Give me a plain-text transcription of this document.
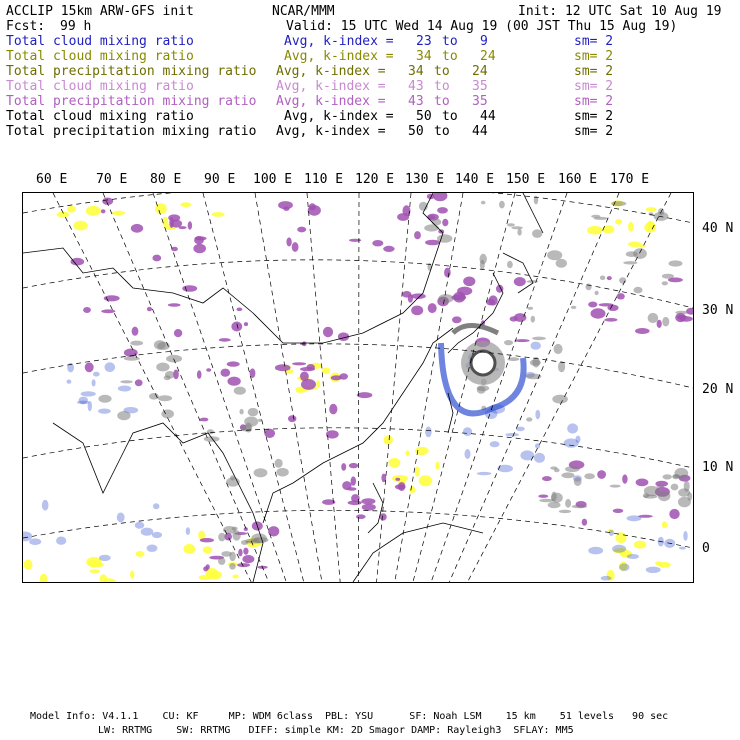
ACCLIP 15km ARW-GFS init	NCAR/MMM	Init: 12 UTC Sat 10 Aug 19
Fcst: 99 h	Valid: 15 UTC Wed 14 Aug 19 (00 JST Thu 15 Aug 19)
Total cloud mixing ratio	Avg, k-index = 23 to 9	sm= 2
Total cloud mixing ratio	Avg, k-index = 34 to 24	sm= 2
Total precipitation mixing ratio Avg, k-index = 34 to 24	sm= 2
Total cloud mixing ratio	Avg, k-index = 43 to 35	sm= 2
Total precipitation mixing ratio Avg, k-index = 43 to 35	sm= 2
Total cloud mixing ratio	Avg, k-index = 50 to 44	sm= 2
Total precipitation mixing ratio Avg, k-index = 50 to 44	sm= 2
60 E 70 E 80 E 90 E 100 E 110 E 120 E 130 E 140 E 150 E 160 E 170 E
40 N
30 N
20 N
10 N
0
Model Info: V4.1.1    CU: KF     MP: WDM 6class  PBL: YSU      SF: Noah LSM    15 km    51 levels   90 sec
LW: RRTMG    SW: RRTMG   DIFF: simple KM: 2D Smagor DAMP: Rayleigh3  SFLAY: MM5
